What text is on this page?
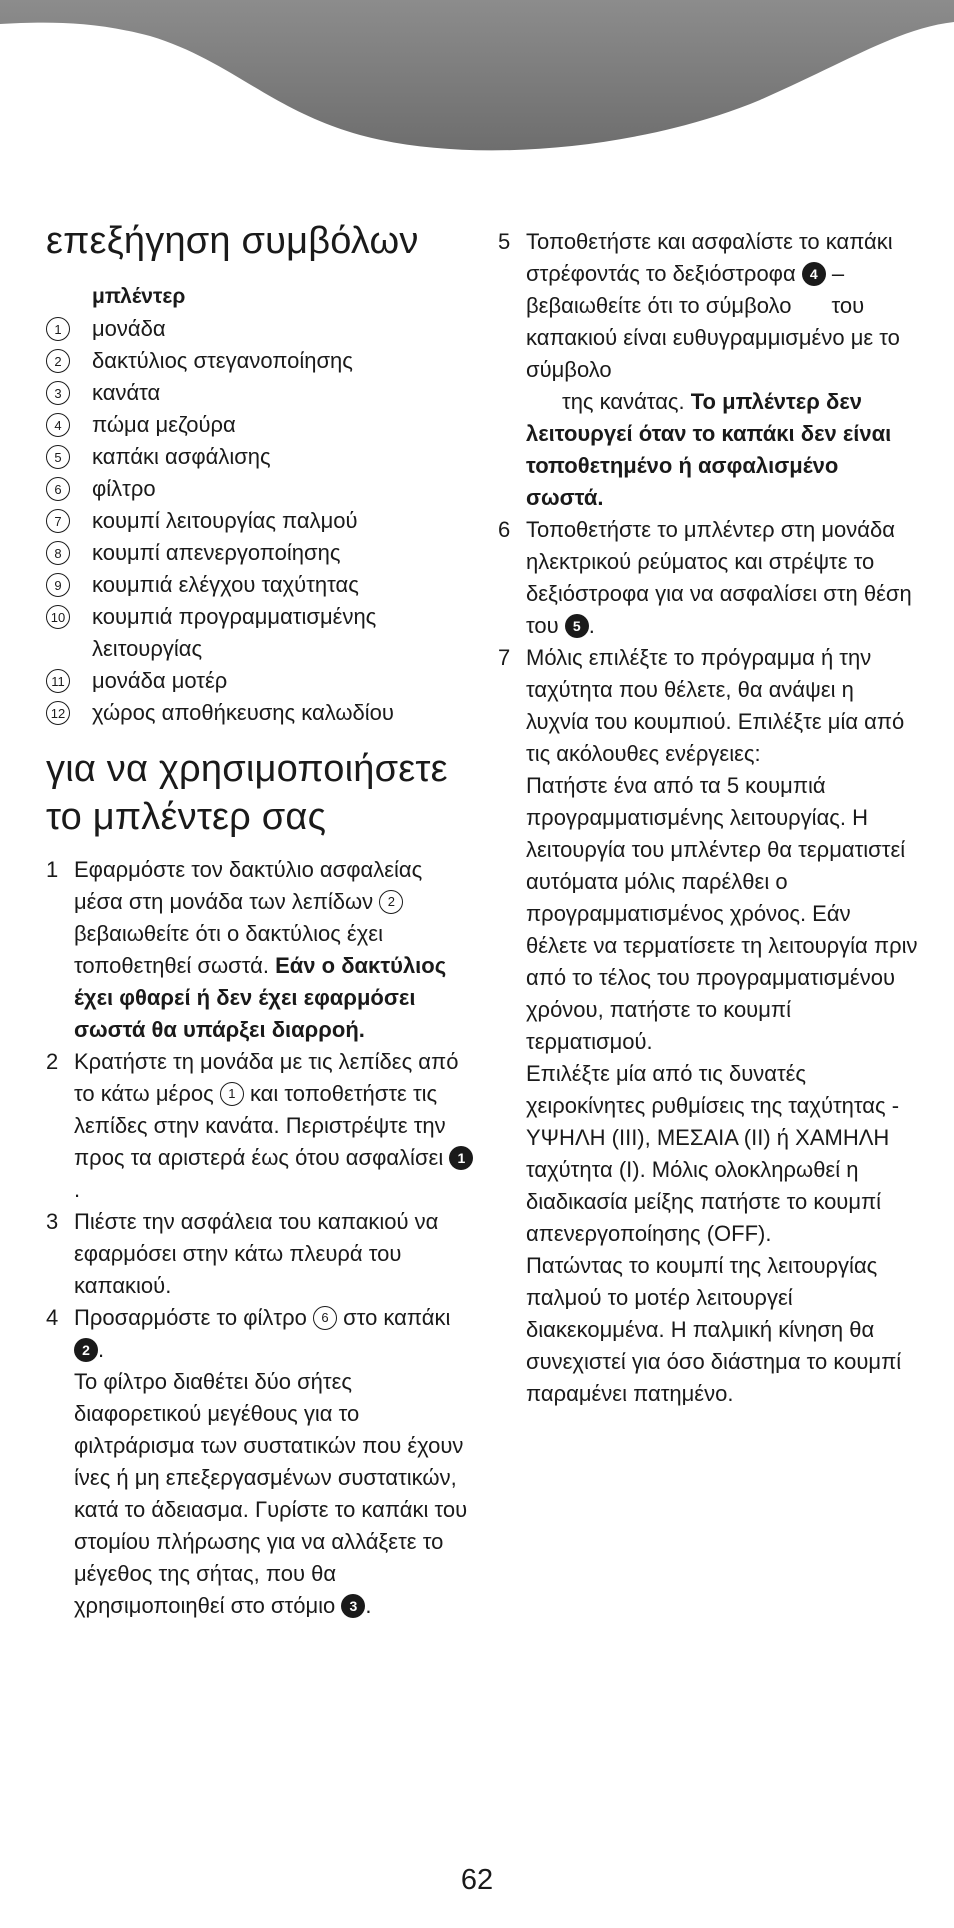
επεξήγηση συμβόλων
μπλέντερ
1	μονάδα
2	δακτύλιος στεγανοποίησης
3	κανάτα
4	πώμα μεζούρα
5	καπάκι ασφάλισης
6	φίλτρο
7	κουμπί λειτουργίας παλμού
8	κουμπί απενεργοποίησης
9	κουμπιά ελέγχου ταχύτητας
10 κουμπιά προγραμματισμένης λειτουργίας
11 μονάδα μοτέρ
12 χώρος αποθήκευσης καλωδίου
για να χρησιμοποιήσετε
το μπλέντερ σας
1 Εφαρμόστε τον δακτύλιο ασφαλείας μέσα στη μονάδα των λεπίδων 2 βεβαιωθείτε ότι ο δακτύλιος έχει τοποθετηθεί σωστά. Εάν ο δακτύλιος έχει φθαρεί ή δεν έχει εφαρμόσει σωστά θα υπάρξει διαρροή.
2 Κρατήστε τη μονάδα με τις λεπίδες από το κάτω μέρος 1 και τοποθετήστε τις λεπίδες στην κανάτα. Περιστρέψτε την προς τα αριστερά έως ότου ασφαλίσει 1.
3 Πιέστε την ασφάλεια του καπακιού να εφαρμόσει στην κάτω πλευρά του καπακιού.
4 Προσαρμόστε το φίλτρο 6 στο καπάκι 2 .
Το φίλτρο διαθέτει δύο σήτες διαφορετικού μεγέθους για το φιλτράρισμα των συστατικών που έχουν ίνες ή μη επεξεργασμένων συστατικών, κατά το άδειασμα. Γυρίστε το καπάκι του στομίου πλήρωσης για να αλλάξετε το μέγεθος της σήτας, που θα χρησιμοποιηθεί στο στόμιο 3 .
5 Τοποθετήστε και ασφαλίστε το καπάκι στρέφοντάς το δεξιόστροφα 4 – βεβαιωθείτε ότι το σύμβολο του καπακιού είναι ευθυγραμμισμένο με το σύμβολο
της κανάτας. Το μπλέντερ δεν λειτουργεί όταν το καπάκι δεν είναι τοποθετημένο ή ασφαλισμένο σωστά.
6 Τοποθετήστε το μπλέντερ στη μονάδα ηλεκτρικού ρεύματος και στρέψτε το δεξιόστροφα για να ασφαλίσει στη θέση του 5 .
7 Μόλις επιλέξτε το πρόγραμμα ή την ταχύτητα που θέλετε, θα ανάψει η λυχνία του κουμπιού. Επιλέξτε μία από τις ακόλουθες ενέργειες:
Πατήστε ένα από τα 5 κουμπιά προγραμματισμένης λειτουργίας. Η λειτουργία του μπλέντερ θα τερματιστεί αυτόματα μόλις παρέλθει ο προγραμματισμένος χρόνος. Εάν θέλετε να τερματίσετε τη λειτουργία πριν από το τέλος του προγραμματισμένου χρόνου, πατήστε το κουμπί τερματισμού.
Επιλέξτε μία από τις δυνατές χειροκίνητες ρυθμίσεις της ταχύτητας - ΥΨΗΛΗ (III), ΜΕΣΑΙΑ (II) ή ΧΑΜΗΛΗ ταχύτητα (I). Μόλις ολοκληρωθεί η διαδικασία μείξης πατήστε το κουμπί απενεργοποίησης (OFF).
Πατώντας το κουμπί της λειτουργίας παλμού το μοτέρ λειτουργεί διακεκομμένα. Η παλμική κίνηση θα συνεχιστεί για όσο διάστημα το κουμπί παραμένει πατημένο.
62
